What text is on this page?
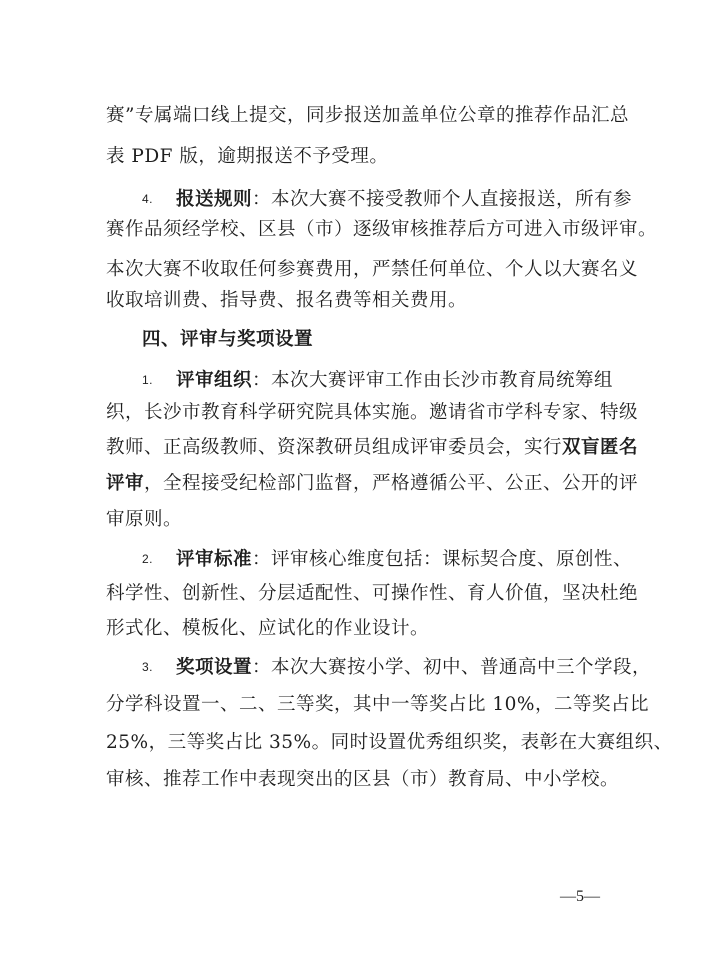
赛”专属端口线上提交，同步报送加盖单位公章的推荐作品汇总
表 PDF 版，逾期报送不予受理。
4. 报送规则：本次大赛不接受教师个人直接报送，所有参
赛作品须经学校、区县（市）逐级审核推荐后方可进入市级评审。
本次大赛不收取任何参赛费用，严禁任何单位、个人以大赛名义
收取培训费、指导费、报名费等相关费用。
四、评审与奖项设置
1. 评审组织：本次大赛评审工作由长沙市教育局统筹组
织，长沙市教育科学研究院具体实施。邀请省市学科专家、特级
教师、正高级教师、资深教研员组成评审委员会，实行双盲匿名
评审，全程接受纪检部门监督，严格遵循公平、公正、公开的评
审原则。
2. 评审标准：评审核心维度包括：课标契合度、原创性、
科学性、创新性、分层适配性、可操作性、育人价值，坚决杜绝
形式化、模板化、应试化的作业设计。
3. 奖项设置：本次大赛按小学、初中、普通高中三个学段，
分学科设置一、二、三等奖，其中一等奖占比 10%，二等奖占比
25%，三等奖占比 35%。同时设置优秀组织奖，表彰在大赛组织、
审核、推荐工作中表现突出的区县（市）教育局、中小学校。
—5—
